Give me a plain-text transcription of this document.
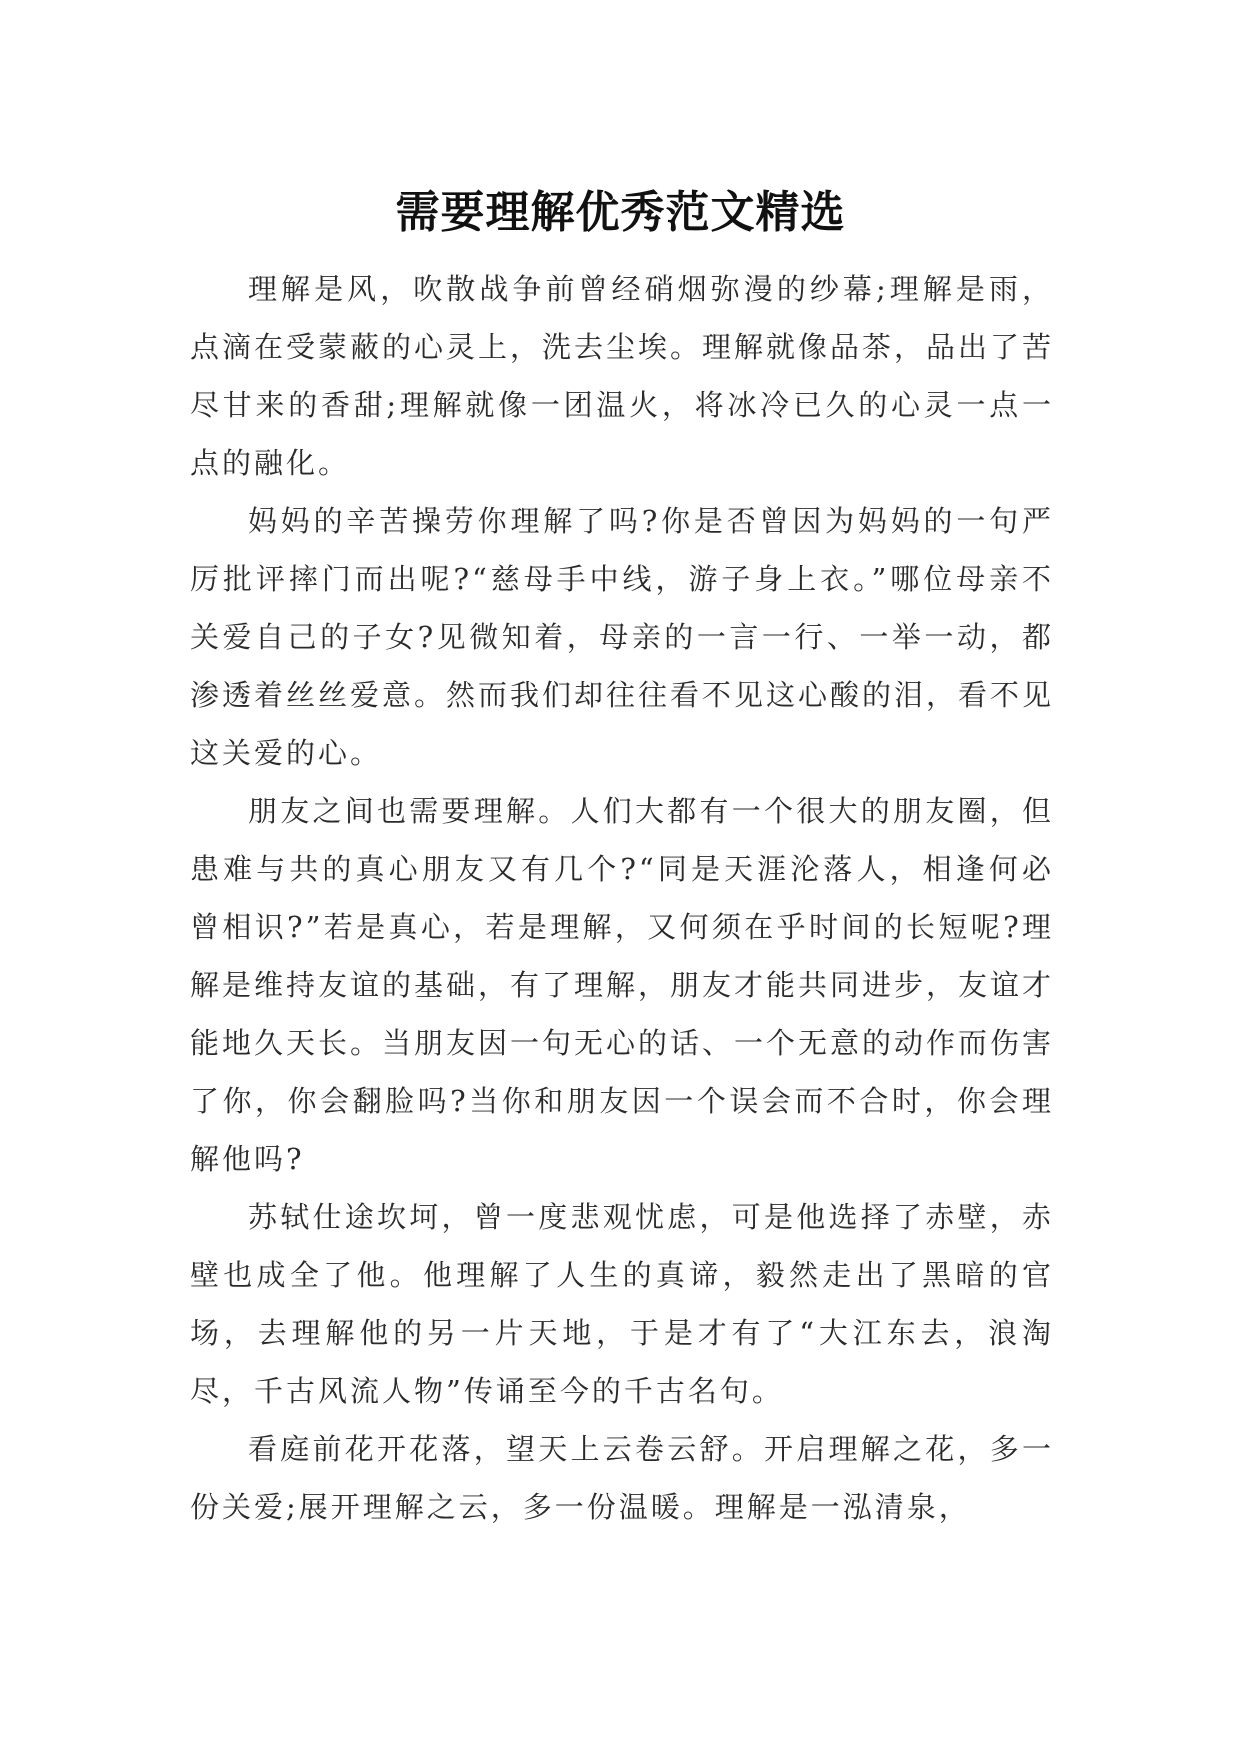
需要理解优秀范文精选

理解是风，吹散战争前曾经硝烟弥漫的纱幕;理解是雨，点滴在受蒙蔽的心灵上，洗去尘埃。理解就像品茶，品出了苦尽甘来的香甜;理解就像一团温火，将冰冷已久的心灵一点一点的融化。

妈妈的辛苦操劳你理解了吗?你是否曾因为妈妈的一句严厉批评摔门而出呢?“慈母手中线，游子身上衣。”哪位母亲不关爱自己的子女?见微知着，母亲的一言一行、一举一动，都渗透着丝丝爱意。然而我们却往往看不见这心酸的泪，看不见这关爱的心。

朋友之间也需要理解。人们大都有一个很大的朋友圈，但患难与共的真心朋友又有几个?“同是天涯沦落人，相逢何必曾相识?”若是真心，若是理解，又何须在乎时间的长短呢?理解是维持友谊的基础，有了理解，朋友才能共同进步，友谊才能地久天长。当朋友因一句无心的话、一个无意的动作而伤害了你，你会翻脸吗?当你和朋友因一个误会而不合时，你会理解他吗?

苏轼仕途坎坷，曾一度悲观忧虑，可是他选择了赤壁，赤壁也成全了他。他理解了人生的真谛，毅然走出了黑暗的官场，去理解他的另一片天地，于是才有了“大江东去，浪淘尽，千古风流人物”传诵至今的千古名句。

看庭前花开花落，望天上云卷云舒。开启理解之花，多一份关爱;展开理解之云，多一份温暖。理解是一泓清泉，
